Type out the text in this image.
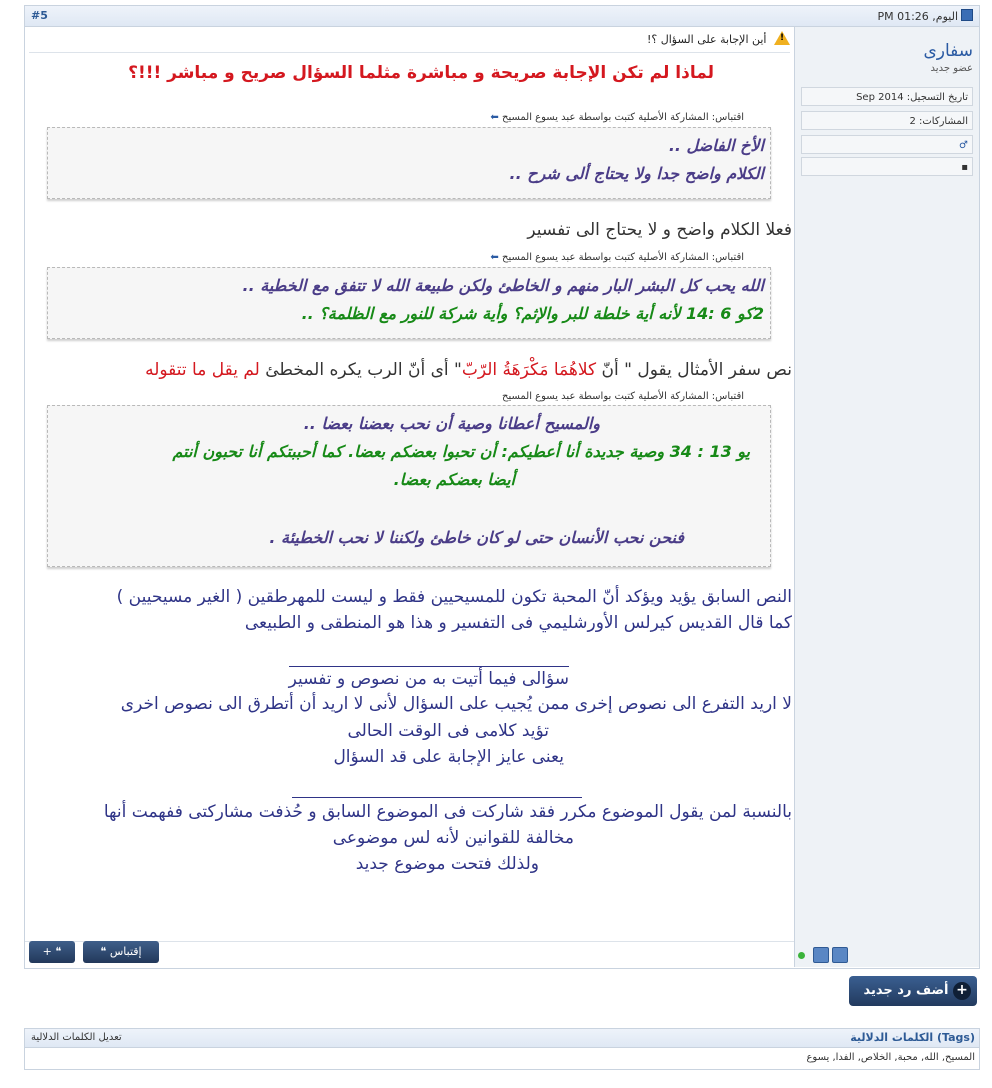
#5	اليوم, 01:26 PM
!
أين الإجابة على السؤال ؟!
لماذا لم تكن الإجابة صريحة و مباشرة مثلما السؤال صريح و مباشر !!!؟
اقتباس: المشاركة الأصلية كتبت بواسطة عبد يسوع المسيح ⬅
الأخ الفاضل ..
الكلام واضح جدا ولا يحتاج ألى شرح ..
فعلا الكلام واضح و لا يحتاج الى تفسير
اقتباس: المشاركة الأصلية كتبت بواسطة عبد يسوع المسيح ⬅
الله يحب كل البشر البار منهم و الخاطئ ولكن طبيعة الله لا تتفق مع الخطية ..
2كو 6 :14 لأنه أية خلطة للبر والإثم؟ وأية شركة للنور مع الظلمة؟ ..
نص سفر الأمثال يقول " أنّ كلاهُمَا مَكْرَهَةُ الرّبّ" أى أنّ الرب يكره المخطئ لم يقل ما تتقوله
اقتباس: المشاركة الأصلية كتبت بواسطة عبد يسوع المسيح
والمسيح أعطانا وصية أن نحب بعضنا بعضا ..
يو 13 : 34 وصية جديدة أنا أعطيكم: أن تحبوا بعضكم بعضا. كما أحببتكم أنا تحبون أنتم
أيضا بعضكم بعضا.
فنحن نحب الأنسان حتى لو كان خاطئ ولكننا لا نحب الخطيئة .
النص السابق يؤيد ويؤكد أنّ المحبة تكون للمسيحيين فقط و ليست للمهرطقين ( الغير مسيحيين )
كما قال القديس كيرلس الأورشليمي فى التفسير و هذا هو المنطقى و الطبيعى
سؤالى فيما أتيت به من نصوص و تفسير
لا اريد التفرع الى نصوص إخرى ممن يُجيب على السؤال لأنى لا اريد أن أتطرق الى نصوص اخرى
تؤيد كلامى فى الوقت الحالى
يعنى عايز الإجابة على قد السؤال
بالنسبة لمن يقول الموضوع مكرر فقد شاركت فى الموضوع السابق و حُذفت مشاركتى ففهمت أنها
مخالفة للقوانين لأنه لس موضوعى
ولذلك فتحت موضوع جديد
إقتباس ❝
❝ +
سفارى
عضو جديد
تاريخ التسجيل: Sep 2014
المشاركات: 2
♂
▪
+ أضف رد جديد
الكلمات الدلالية (Tags)
تعديل الكلمات الدلالية
المسيح, الله, محبة, الخلاص, الفدا, يسوع
